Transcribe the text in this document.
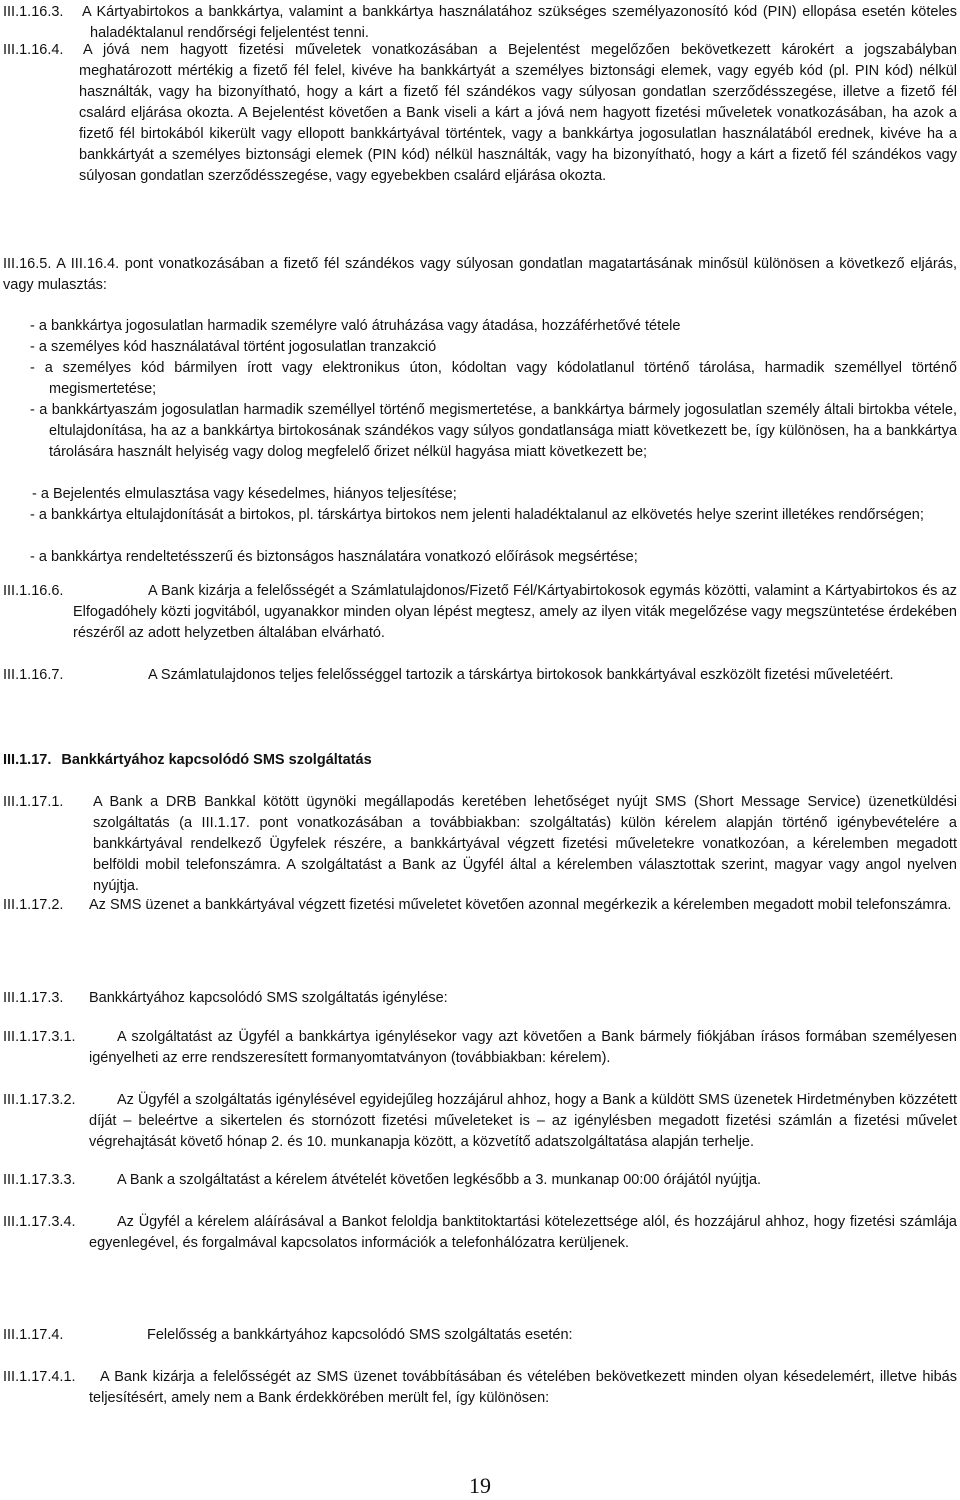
III.1.16.3.	A Kártyabirtokos a bankkártya, valamint a bankkártya használatához szükséges személyazonosító kód (PIN) ellopása esetén köteles haladéktalanul rendőrségi feljelentést tenni.
III.1.16.4.	A jóvá nem hagyott fizetési műveletek vonatkozásában a Bejelentést megelőzően bekövetkezett károkért a jogszabályban meghatározott mértékig a fizető fél felel, kivéve ha bankkártyát a személyes biztonsági elemek, vagy egyéb kód (pl. PIN kód) nélkül használták, vagy ha bizonyítható, hogy a kárt a fizető fél szándékos vagy súlyosan gondatlan szerződésszegése, illetve a fizető fél csalárd eljárása okozta. A Bejelentést követően a Bank viseli a kárt a jóvá nem hagyott fizetési műveletek vonatkozásában, ha azok a fizető fél birtokából kikerült vagy ellopott bankkártyával történtek, vagy a bankkártya jogosulatlan használatából erednek, kivéve ha a bankkártyát a személyes biztonsági elemek (PIN kód) nélkül használták, vagy ha bizonyítható, hogy a kárt a fizető fél szándékos vagy súlyosan gondatlan szerződésszegése, vagy egyebekben csalárd eljárása okozta.
III.16.5. A III.16.4. pont vonatkozásában a fizető fél szándékos vagy súlyosan gondatlan magatartásának minősül különösen a következő eljárás, vagy mulasztás:
- a bankkártya jogosulatlan harmadik személyre való átruházása vagy átadása, hozzáférhetővé tétele
- a személyes kód használatával történt jogosulatlan tranzakció
- a személyes kód bármilyen írott vagy elektronikus úton, kódoltan vagy kódolatlanul történő tárolása, harmadik személlyel történő megismertetése;
- a bankkártyaszám jogosulatlan harmadik személlyel történő megismertetése, a bankkártya bármely jogosulatlan személy általi birtokba vétele, eltulajdonítása, ha az a bankkártya birtokosának szándékos vagy súlyos gondatlansága miatt következett be, így különösen, ha a bankkártya tárolására használt helyiség vagy dolog megfelelő őrizet nélkül hagyása miatt következett be;
- a Bejelentés elmulasztása vagy késedelmes, hiányos teljesítése;
- a bankkártya eltulajdonítását a birtokos, pl. társkártya birtokos nem jelenti haladéktalanul az elkövetés helye szerint illetékes rendőrségen;
- a bankkártya rendeltetésszerű és biztonságos használatára vonatkozó előírások megsértése;
III.1.16.6.	A Bank kizárja a felelősségét a Számlatulajdonos/Fizető Fél/Kártyabirtokosok egymás közötti, valamint a Kártyabirtokos és az Elfogadóhely közti jogvitából, ugyanakkor minden olyan lépést megtesz, amely az ilyen viták megelőzése vagy megszüntetése érdekében részéről az adott helyzetben általában elvárható.
III.1.16.7.	A Számlatulajdonos teljes felelősséggel tartozik a társkártya birtokosok bankkártyával eszközölt fizetési műveletéért.
III.1.17. Bankkártyához kapcsolódó SMS szolgáltatás
III.1.17.1.	A Bank a DRB Bankkal kötött ügynöki megállapodás keretében lehetőséget nyújt SMS (Short Message Service) üzenetküldési szolgáltatás (a III.1.17. pont vonatkozásában a továbbiakban: szolgáltatás) külön kérelem alapján történő igénybevételére a bankkártyával rendelkező Ügyfelek részére, a bankkártyával végzett fizetési műveletekre vonatkozóan, a kérelemben megadott belföldi mobil telefonszámra. A szolgáltatást a Bank az Ügyfél által a kérelemben választottak szerint, magyar vagy angol nyelven nyújtja.
III.1.17.2.	Az SMS üzenet a bankkártyával végzett fizetési műveletet követően azonnal megérkezik a kérelemben megadott mobil telefonszámra.
III.1.17.3.	Bankkártyához kapcsolódó SMS szolgáltatás igénylése:
III.1.17.3.1.	A szolgáltatást az Ügyfél a bankkártya igénylésekor vagy azt követően a Bank bármely fiókjában írásos formában személyesen igényelheti az erre rendszeresített formanyomtatványon (továbbiakban: kérelem).
III.1.17.3.2.	Az Ügyfél a szolgáltatás igénylésével egyidejűleg hozzájárul ahhoz, hogy a Bank a küldött SMS üzenetek Hirdetményben közzétett díját – beleértve a sikertelen és stornózott fizetési műveleteket is – az igénylésben megadott fizetési számlán a fizetési művelet végrehajtását követő hónap 2. és 10. munkanapja között, a közvetítő adatszolgáltatása alapján terhelje.
III.1.17.3.3.	A Bank a szolgáltatást a kérelem átvételét követően legkésőbb a 3. munkanap 00:00 órájától nyújtja.
III.1.17.3.4.	Az Ügyfél a kérelem aláírásával a Bankot feloldja banktitoktartási kötelezettsége alól, és hozzájárul ahhoz, hogy fizetési számlája egyenlegével, és forgalmával kapcsolatos információk a telefonhálózatra kerüljenek.
III.1.17.4.	Felelősség a bankkártyához kapcsolódó SMS szolgáltatás esetén:
III.1.17.4.1.	A Bank kizárja a felelősségét az SMS üzenet továbbításában és vételében bekövetkezett minden olyan késedelemért, illetve hibás teljesítésért, amely nem a Bank érdekkörében merült fel, így különösen:
19
